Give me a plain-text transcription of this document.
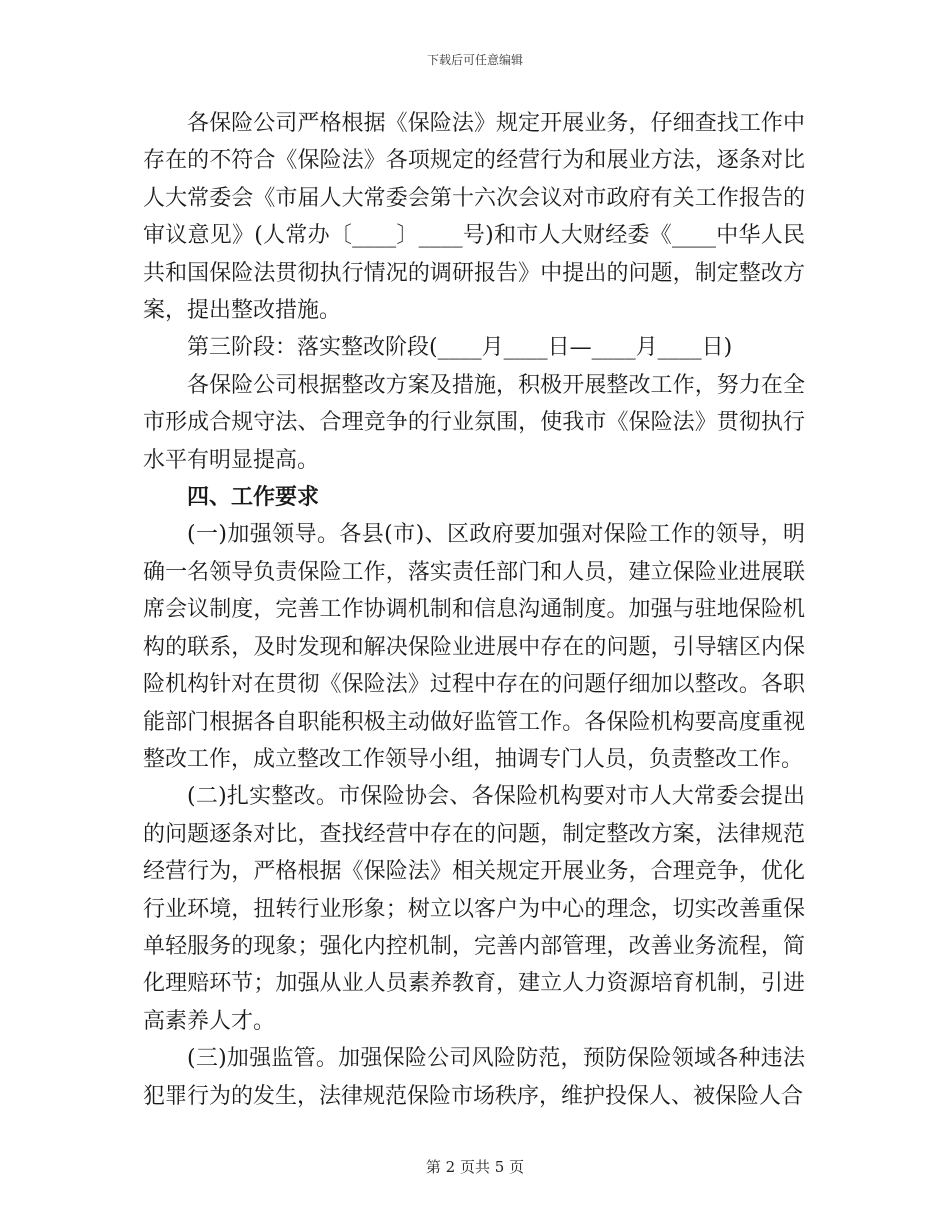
下载后可任意编辑

各保险公司严格根据《保险法》规定开展业务，仔细查找工作中存在的不符合《保险法》各项规定的经营行为和展业方法，逐条对比人大常委会《市届人大常委会第十六次会议对市政府有关工作报告的审议意见》(人常办〔____〕____号)和市人大财经委《____中华人民共和国保险法贯彻执行情况的调研报告》中提出的问题，制定整改方案，提出整改措施。

第三阶段：落实整改阶段(____月____日—____月____日)

各保险公司根据整改方案及措施，积极开展整改工作，努力在全市形成合规守法、合理竞争的行业氛围，使我市《保险法》贯彻执行水平有明显提高。

四、工作要求

(一)加强领导。各县(市)、区政府要加强对保险工作的领导，明确一名领导负责保险工作，落实责任部门和人员，建立保险业进展联席会议制度，完善工作协调机制和信息沟通制度。加强与驻地保险机构的联系，及时发现和解决保险业进展中存在的问题，引导辖区内保险机构针对在贯彻《保险法》过程中存在的问题仔细加以整改。各职能部门根据各自职能积极主动做好监管工作。各保险机构要高度重视整改工作，成立整改工作领导小组，抽调专门人员，负责整改工作。

(二)扎实整改。市保险协会、各保险机构要对市人大常委会提出的问题逐条对比，查找经营中存在的问题，制定整改方案，法律规范经营行为，严格根据《保险法》相关规定开展业务，合理竞争，优化行业环境，扭转行业形象；树立以客户为中心的理念，切实改善重保单轻服务的现象；强化内控机制，完善内部管理，改善业务流程，简化理赔环节；加强从业人员素养教育，建立人力资源培育机制，引进高素养人才。

(三)加强监管。加强保险公司风险防范，预防保险领域各种违法犯罪行为的发生，法律规范保险市场秩序，维护投保人、被保险人合

第 2 页共 5 页
